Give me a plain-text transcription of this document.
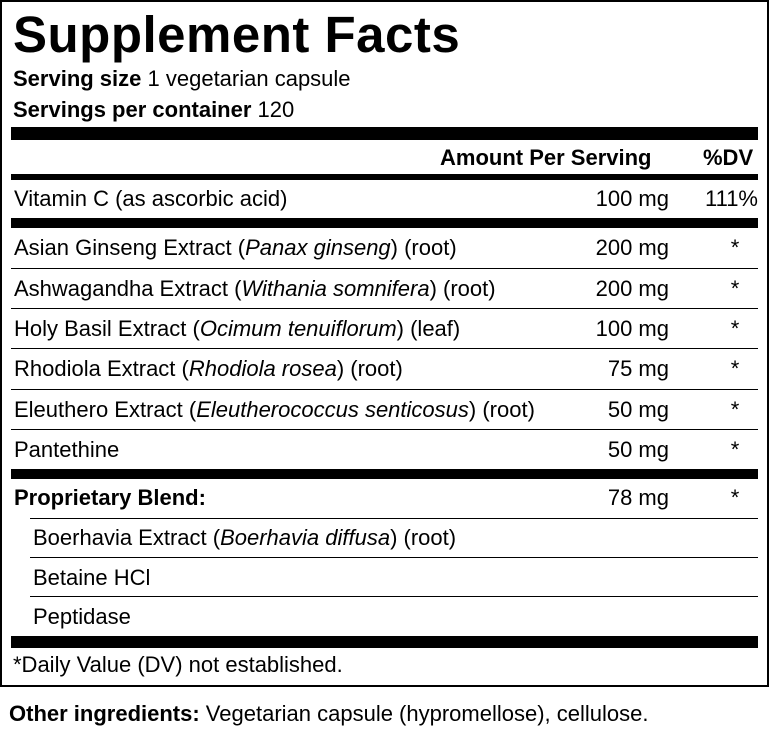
Supplement Facts
Serving size 1 vegetarian capsule
Servings per container 120
Amount Per Serving %DV
Vitamin C (as ascorbic acid)	100 mg	111%
Asian Ginseng Extract (Panax ginseng) (root)	200 mg	*
Ashwagandha Extract (Withania somnifera) (root)	200 mg	*
Holy Basil Extract (Ocimum tenuiflorum) (leaf)	100 mg	*
Rhodiola Extract (Rhodiola rosea) (root)	75 mg	*
Eleuthero Extract (Eleutherococcus senticosus) (root)	50 mg	*
Pantethine	50 mg	*
Proprietary Blend:	78 mg	*
Boerhavia Extract (Boerhavia diffusa) (root)
Betaine HCl
Peptidase
*Daily Value (DV) not established.
Other ingredients: Vegetarian capsule (hypromellose), cellulose.
